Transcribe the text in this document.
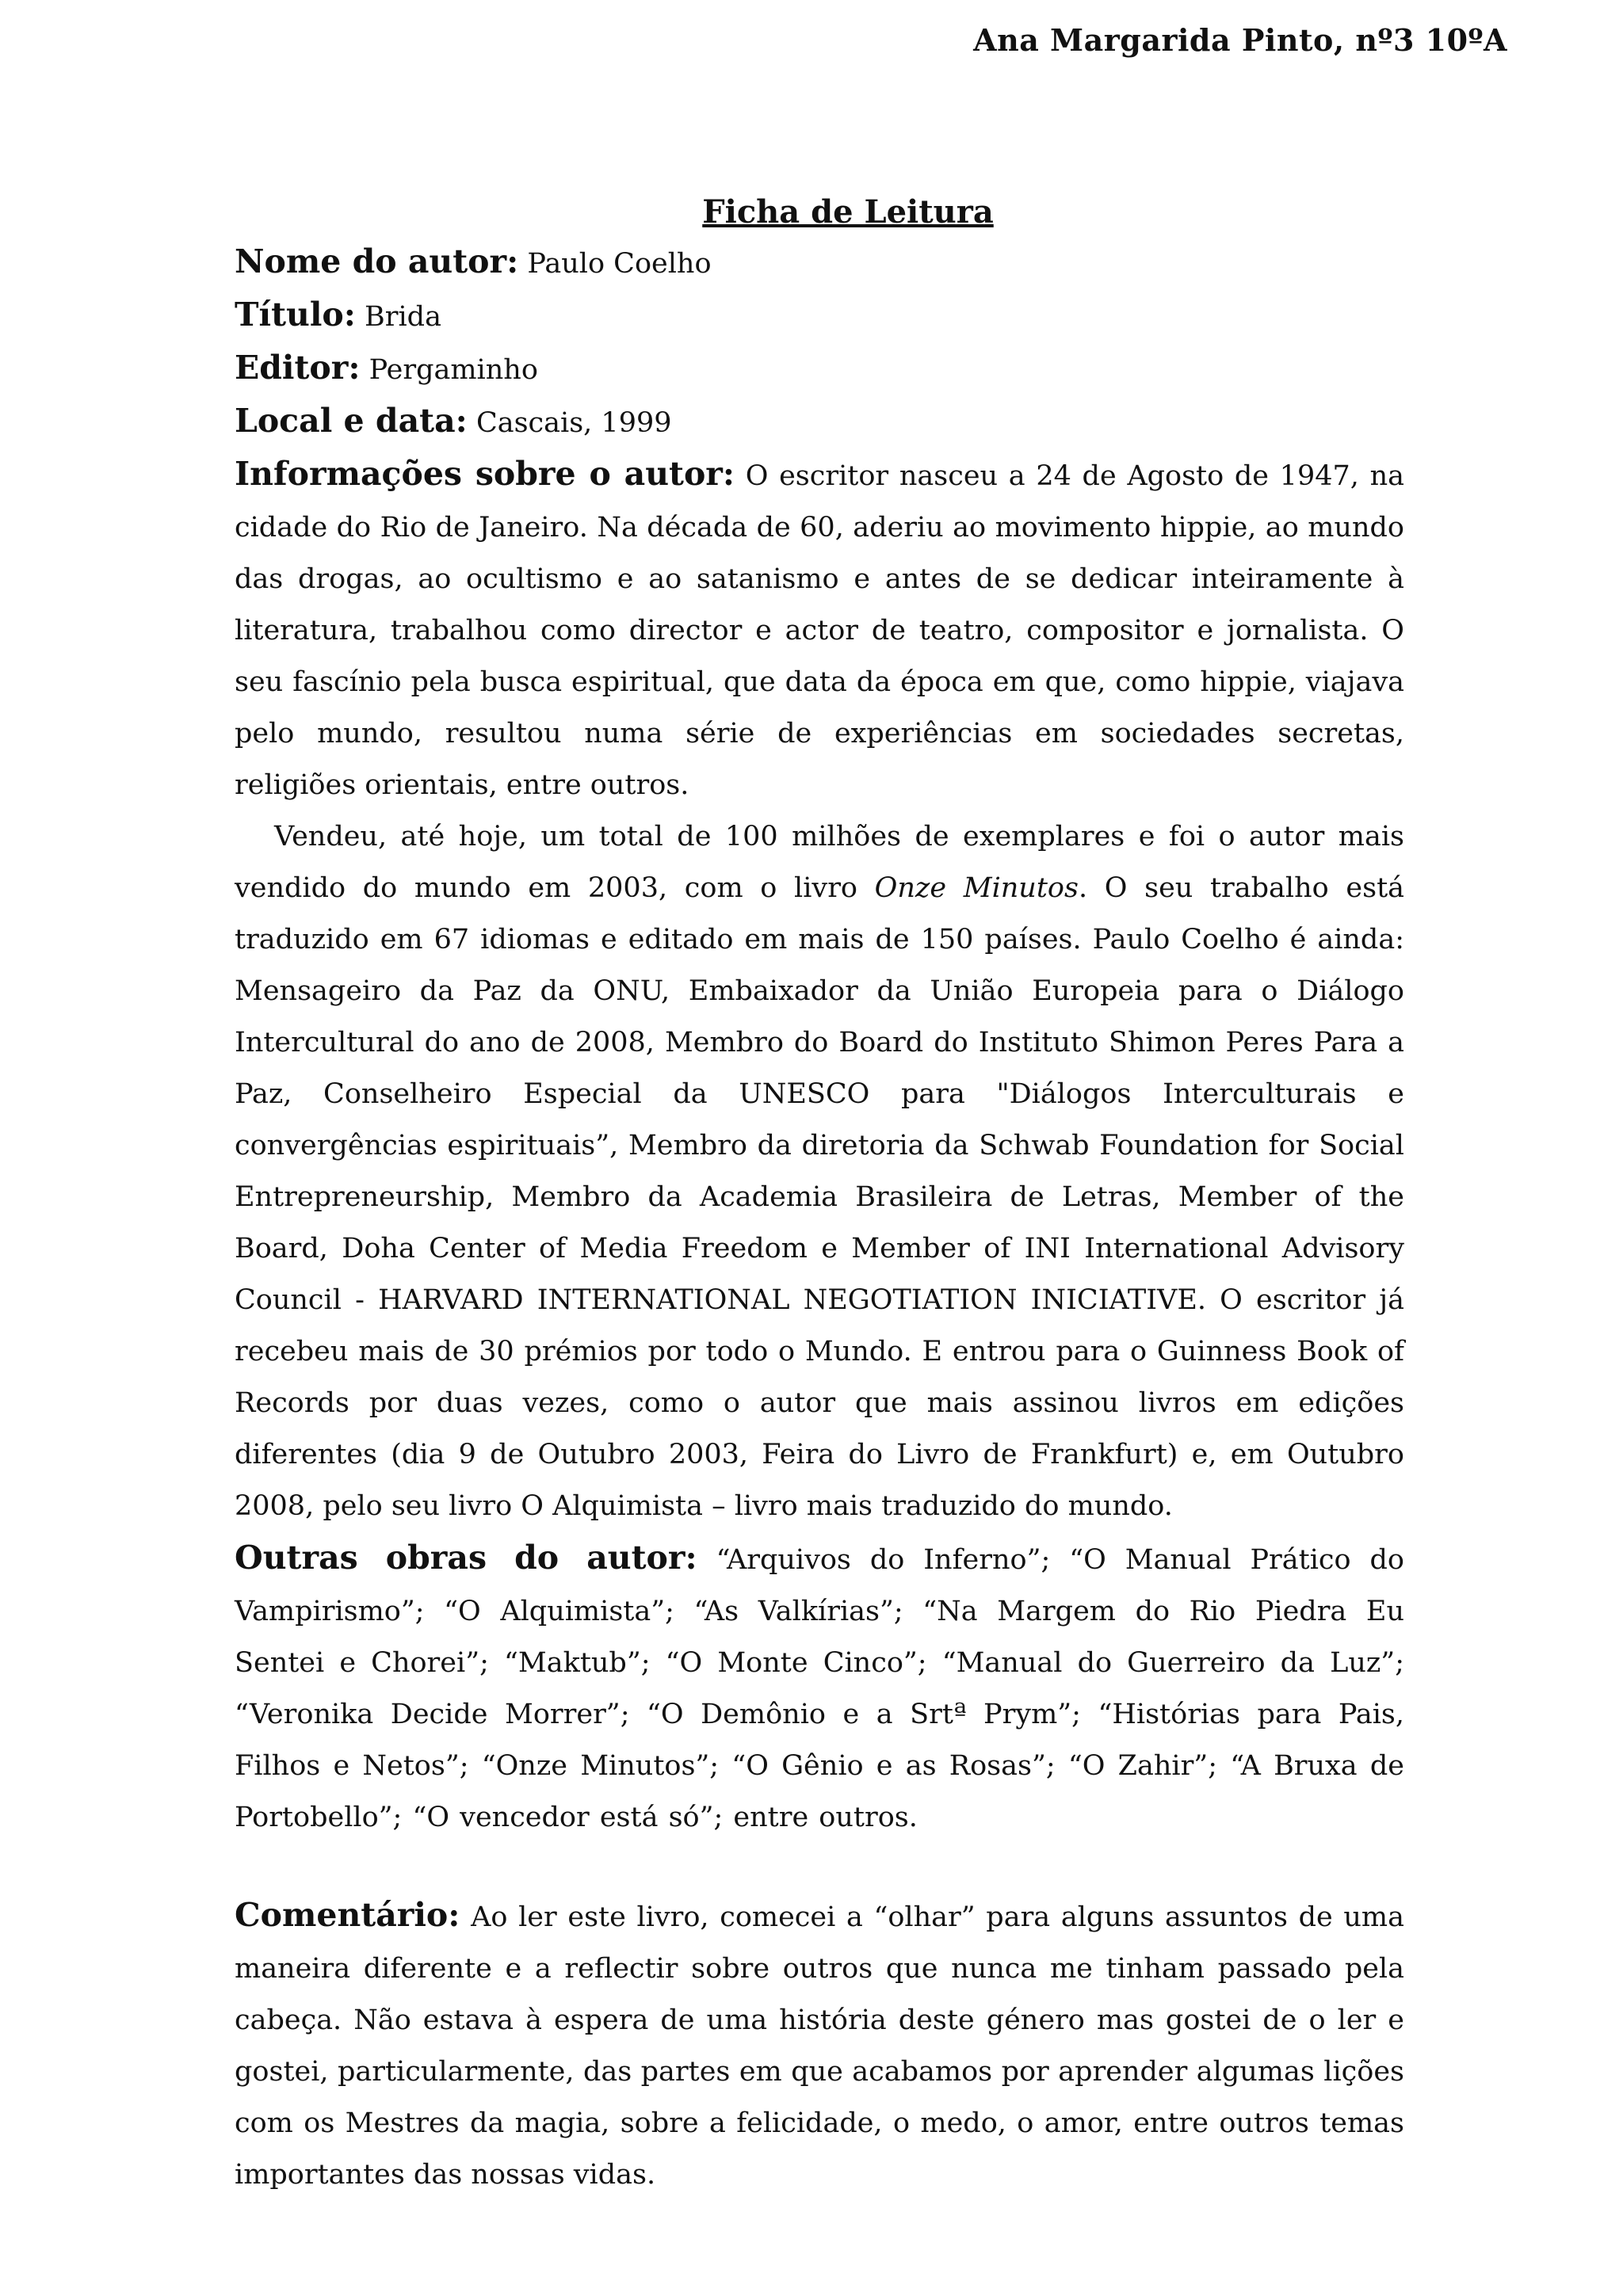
Ana Margarida Pinto, nº3 10ºA
Ficha de Leitura

Nome do autor: Paulo Coelho

Título: Brida

Editor: Pergaminho

Local e data: Cascais, 1999

Informações sobre o autor: O escritor nasceu a 24 de Agosto de 1947, na cidade do Rio de Janeiro. Na década de 60, aderiu ao movimento hippie, ao mundo das drogas, ao ocultismo e ao satanismo e antes de se dedicar inteiramente à literatura, trabalhou como director e actor de teatro, compositor e jornalista. O seu fascínio pela busca espiritual, que data da época em que, como hippie, viajava pelo mundo, resultou numa série de experiências em sociedades secretas, religiões orientais, entre outros.

Vendeu, até hoje, um total de 100 milhões de exemplares e foi o autor mais vendido do mundo em 2003, com o livro Onze Minutos. O seu trabalho está traduzido em 67 idiomas e editado em mais de 150 países. Paulo Coelho é ainda: Mensageiro da Paz da ONU, Embaixador da União Europeia para o Diálogo Intercultural do ano de 2008, Membro do Board do Instituto Shimon Peres Para a Paz, Conselheiro Especial da UNESCO para "Diálogos Interculturais e convergências espirituais”, Membro da diretoria da Schwab Foundation for Social Entrepreneurship, Membro da Academia Brasileira de Letras, Member of the Board, Doha Center of Media Freedom e Member of INI International Advisory Council - HARVARD INTERNATIONAL NEGOTIATION INICIATIVE. O escritor já recebeu mais de 30 prémios por todo o Mundo. E entrou para o Guinness Book of Records por duas vezes, como o autor que mais assinou livros em edições diferentes (dia 9 de Outubro 2003, Feira do Livro de Frankfurt) e, em Outubro 2008, pelo seu livro O Alquimista – livro mais traduzido do mundo.

Outras obras do autor: “Arquivos do Inferno”; “O Manual Prático do Vampirismo”; “O Alquimista”; “As Valkírias”; “Na Margem do Rio Piedra Eu Sentei e Chorei”; “Maktub”; “O Monte Cinco”; “Manual do Guerreiro da Luz”; “Veronika Decide Morrer”; “O Demônio e a Srtª Prym”; “Histórias para Pais, Filhos e Netos”; “Onze Minutos”; “O Gênio e as Rosas”; “O Zahir”; “A Bruxa de Portobello”; “O vencedor está só”; entre outros.

Comentário: Ao ler este livro, comecei a “olhar” para alguns assuntos de uma maneira diferente e a reflectir sobre outros que nunca me tinham passado pela cabeça. Não estava à espera de uma história deste género mas gostei de o ler e gostei, particularmente, das partes em que acabamos por aprender algumas lições com os Mestres da magia, sobre a felicidade, o medo, o amor, entre outros temas importantes das nossas vidas.
